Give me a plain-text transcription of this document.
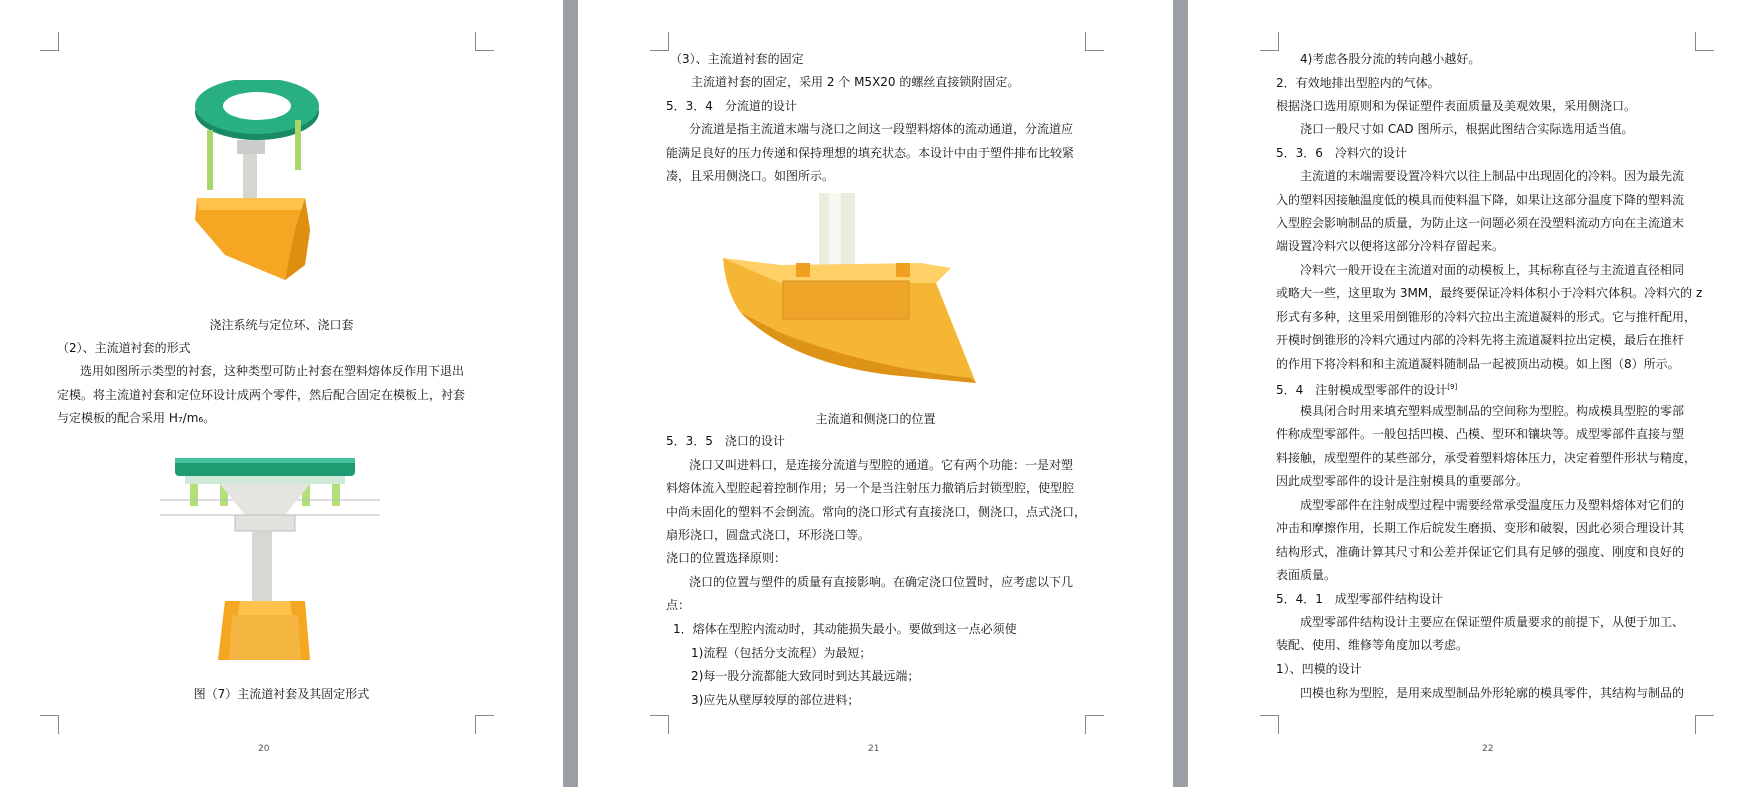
浇注系统与定位环、浇口套
（2）、主流道衬套的形式
选用如图所示类型的衬套，这种类型可防止衬套在塑料熔体反作用下退出
定模。将主流道衬套和定位环设计成两个零件，然后配合固定在模板上，衬套
与定模板的配合采用 H₇/m₆。
图（7）主流道衬套及其固定形式
20
（3）、主流道衬套的固定
主流道衬套的固定，采用 2 个 M5X20 的螺丝直接锁附固定。
5．3．4　分流道的设计
分流道是指主流道末端与浇口之间这一段塑料熔体的流动通道，分流道应
能满足良好的压力传递和保持理想的填充状态。本设计中由于塑件排布比较紧
凑，且采用侧浇口。如图所示。
主流道和侧浇口的位置
5．3．5　浇口的设计
浇口又叫进料口，是连接分流道与型腔的通道。它有两个功能：一是对塑
料熔体流入型腔起着控制作用；另一个是当注射压力撤销后封锁型腔，使型腔
中尚未固化的塑料不会倒流。常向的浇口形式有直接浇口，侧浇口，点式浇口，
扇形浇口，圆盘式浇口，环形浇口等。
浇口的位置选择原则：
浇口的位置与塑件的质量有直接影响。在确定浇口位置时，应考虑以下几
点：
1．熔体在型腔内流动时，其动能损失最小。要做到这一点必须使
1)流程（包括分支流程）为最短；
2)每一股分流都能大致同时到达其最远端；
3)应先从壁厚较厚的部位进料；
21
4)考虑各股分流的转向越小越好。
2．有效地排出型腔内的气体。
根据浇口选用原则和为保证塑件表面质量及美观效果，采用侧浇口。
浇口一般尺寸如 CAD 图所示，根据此图结合实际选用适当值。
5．3．6　冷料穴的设计
主流道的末端需要设置冷料穴以往上制品中出现固化的冷料。因为最先流
入的塑料因接触温度低的模具而使料温下降，如果让这部分温度下降的塑料流
入型腔会影响制品的质量，为防止这一问题必须在没塑料流动方向在主流道末
端设置冷料穴以便将这部分冷料存留起来。
冷料穴一般开设在主流道对面的动模板上，其标称直径与主流道直径相同
或略大一些，这里取为 3MM，最终要保证冷料体积小于冷料穴体积。冷料穴的 z
形式有多种，这里采用倒锥形的冷料穴拉出主流道凝料的形式。它与推杆配用，
开模时倒锥形的冷料穴通过内部的冷料先将主流道凝料拉出定模，最后在推杆
的作用下将冷料和和主流道凝料随制品一起被顶出动模。如上图（8）所示。
5．4　注射模成型零部件的设计[9]
模具闭合时用来填充塑料成型制品的空间称为型腔。构成模具型腔的零部
件称成型零部件。一般包括凹模、凸模、型环和镶块等。成型零部件直接与塑
料接触，成型塑件的某些部分，承受着塑料熔体压力，决定着塑件形状与精度，
因此成型零部件的设计是注射模具的重要部分。
成型零部件在注射成型过程中需要经常承受温度压力及塑料熔体对它们的
冲击和摩擦作用，长期工作后皖发生磨损、变形和破裂，因此必须合理设计其
结构形式，准确计算其尺寸和公差并保证它们具有足够的强度、刚度和良好的
表面质量。
5．4．1　成型零部件结构设计
成型零部件结构设计主要应在保证塑件质量要求的前提下，从便于加工、
装配、使用、维修等角度加以考虑。
1）、凹模的设计
凹模也称为型腔，是用来成型制品外形轮廓的模具零件，其结构与制品的
22
